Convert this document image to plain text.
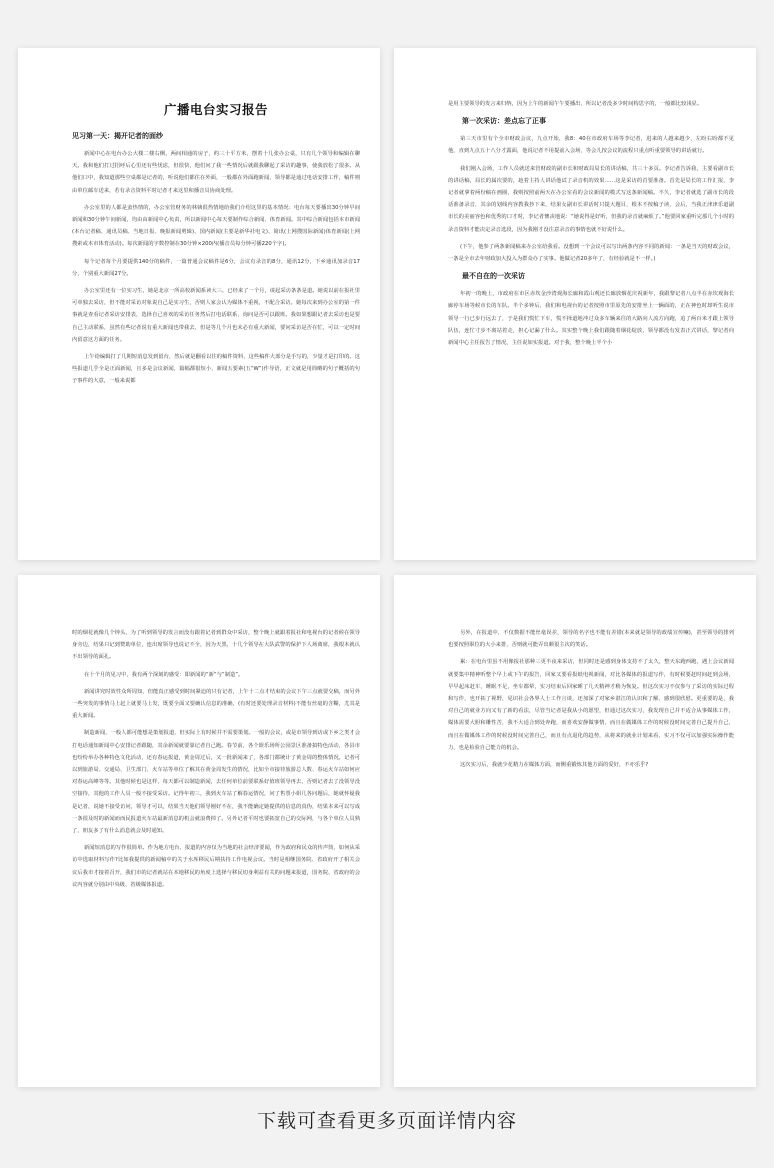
广播电台实习报告
见习第一天：揭开记者的面纱

新闻中心在电台办公大楼二楼右侧，两间相通的房子，约三十平方米，摆着十几张办公桌，只有几个领导和编辑在聊天。我和他们打过招呼后心里还有些忧虑，但很快，他们问了我一些情况后就跟我聊起了采访的趣事，使我放松了很多。从他们口中，我知道那些空桌都是记者的，听说他们都住在外面，一般都在外面跑新闻，领导都是通过电话安排工作，稿件则由单位邮车送来，若有录音资料平时记者才来这里和播音员协商处理。

办公室里的人都是蛮热情的，办公室管财务的林姨很热情地给我们介绍这里的基本情况：电台每天要播出30分钟早间新闻和30分钟午间新闻，均由由新闻中心负责，所以新闻中心每天要制作综合新闻、体育新闻。其中综合新闻包括本市新闻(本台记者稿、通讯员稿、当地日报、晚报新闻剪辑)、国内新闻(主要是新华社电文)、简讯(上网搜国际新闻)体育新闻(上网搜索或本市体育活动)。每次新闻的字数控制在30分钟×200内(播音员每分钟可播220个字)。

每个记者每个月要提供140分的稿件，一篇普通会议稿件是6分，会议有录音的8分，通讯12分，下乡通讯加录音17分，个别重大新闻27分。

办公室里还有一位实习生，她是北京一所高校新闻系读大三，已经来了一个月，谈起采访条条是道。她说以前在报社里可单独去采访，但不能对采访对象说自己是实习生，否则人家会认为媒体不重视，不配合采访。她每次来到办公室的第一件事就是查看记者采访安排表，选择自己喜欢的采访任务然后打电话联系，询问是否可以跟班。我如果想跟记者去采访也是要自己主动联系，虽然有些记者说有重大新闻也带我去，但是等几个月也未必有重大新闻，要问采访是否在忙，可以一定时间内留意这方面的任务。

上午给编辑打了几期短消息发到留台，然后就是翻看以往的稿件资料，这些稿件大部分是手写的，少量才是打印的。这些报道几乎全是正面新闻，且多是会议新闻，篇幅都很短小，新闻五要素(五“W”)作导语，正文就是用简略的句子概括的句子事件的大意，一般来说都

是用主要领导的发言来归纳，因为上午的新闻午午要播出，所以记者没多少时间构思字的，一般都比较浅显。

第一次采访：差点忘了正事

第三天市里有个全市财政会议，九点开始，我8：40在市政府车场等李记者，进来的人越来越少，左盼右盼都不见他，直到九点五十八分才露面，他说记者不用提前入会场，等会儿按会议的流程只重点听重要领导的讲话就行。

我们刚入会场，工作人员就送来管财政的副市长和财政局局长的讲话稿，共三十多页。李记者告诉我，主要看副市长的讲话稿，局长的属次要的，趁着主持人讲话他试了录音机的效果……这是采访的首要准备。首先是局长的工作汇报，李记者就拿着两份稿在画圈，我则按照前两天在办公室看的会议新闻的模式写这条新闻稿。不久，李记者就选了副市长的段话准备录音，其余的划线内容教我抄下来，结果女副市长讲话时只提大题目，根本不按稿子读，会后，当我正津津乐道副市长的美丽容色和优秀的口才时，李记者懊丧地说：“她说得是好听，但我的录音就麻烦了。”他要回家重听完那几个小时的录音资料才能决定录音选段，因为我刚才没注意录音的事情也就不好说什么。

(下午，他参了两条新闻稿来办公室给我看。没想到一个会议可以写出两条内容不同的新闻：一条是当天的财政会议，一条是全市去年财政加大投入为群众办了实事。他做记者20多年了，有经验就是不一样。)

最不自在的一次采访

年初一的晚上，市政府在市区赤坎金沙湾观海长廊和霞山观还长廊放烟花庆祝新年，我跟黎记者八点半在赤坎观海长廊停车场等候市长的车队。半个多钟后，我们和电视台的记者按照市里原先的安排坐上一辆面的，正在神色时却听生说市领导一行已步行远去了，于是我们慌忙下车，慌不择道地冲过众多车辆来往的大路向人流方向跑，追了两百米才跟上领导队伍，连忙寸步不离站着走，担心记漏了什么。其实整个晚上我们跟随着烟花绽放，领导都没有发表正式讲话，黎记者向新闻中心主任报告了情况，主任说如实报道。对于我，整个晚上半个小

时的烟花就像几个钟头，为了听到领导的发言而没有跟着记者到群众中采访，整个晚上就跟着报社和电视台的记者候在领导身旁边，结果只记到赞助单位，连出席领导也说记不全，因为天黑，十几个领导在大队武警的保护下人场离席，我根本就认不出领导的面孔。

在十个月的见习中，我有两个深刻的感受：即新闻的“新”与“制造”。

新闻讲究时效性众所周知，但能真正感受到时间紧迫的只有记者，上午十二点才结束的会议下午三点就要交稿，而另外一些突发的事情马上赶上就要马上发，既要全面又要确认信息的准确，(有时还要处理录音材料)不能有丝毫的含糊，尤其是重大新闻。

制造新闻，一般人都可能想是策划报道，但实际上有时候并不需要策划。一般的会议，或是市领导到访或下乡之类才会打电话通知新闻中心安排记者跟随，其余新闻就要靠记者自己跑。春节前，各个娱乐场所公园景区准备搞特色活动，各县市也纷纷举办各种特色文化活动，还有春运报道，黄金周过后，又一批新闻来了，各部门都统计了黄金周的整体情况，记者可以到旅游局、交通局、卫生部门、火车站等单位了解其在黄金周发生的情况，比如全市接待旅游总人数、春运火车站如何应对春运高峰等等。其他时候也是这样，每天都可以制造新闻，去任何单位前要联系好值班领导再去，否则记者去了没领导没空接待，其他的工作人员一般不接受采访。记得年初三，我到火车站了解春运情况，问了售票小姐几各问题后，她就怀疑我是记者，说她不接受访问，领导才可以，结果当天他们领导刚好不在，我不能确定她提供的信息的真伪，结果本来可以写成一条很及时的新闻而而民报道火车站最新消息的机会就浪费掉了。另外记者平时也要拓宽自己的交际网，与各个单位人员熟了，朋友多了有什么消息就会及时通知。

新闻短消息的写作很简单。作为地方电台，报道的内容仅为当地的社会经济要闻，作为政府和民众的传声筒，如何从采访中选取材料写作?比如我提供的新闻稿中的关于水库移民后期扶持工作电视会议。当时是相继国务院、省政府开了相关会议后我市才接着召开，我们市的记者就站在本地移民的角度上选择与移民切身利益有关的问题来报道，国务院、省政府的会议内容就分别由中央级、省级媒体报道。

另外，在报道中，不仅数据不能丝毫误差，领导的名字也不能有差错(本来就是领导的政绩宣传嘛)，甚至领导的排列也要按照职位的大小来排，否则就可能弄出颇很主次的笑话。

累：在电台里虽不用像报社那种三更半夜来采访，但同时还是感到身体支持不了太久，整天东跑西跑，遇上会议新闻就要集中精神听整个早上或下午的报告，回家又要看报纸电视新闻，对比各媒体的报道写作，有时候要赶时间赶到会场，早早起床赶车，睡眠不足，坐车都晕，实习结束后回家睡了几天精神才稍为恢复。但这次实习不仅参与了采访的实际过程和写作，也开拓了视野，见识社会各界人士工作言谈，还加深了对家乡湛江的认识和了解，感到很欣慰。更重要的是，我对自己的就业方向又有了新的看法，尽管当记者是我从小的愿望，但通过这次实习，我发现自己并不适合从事媒体工作，媒体需要大胆和雕性苦，我不大适合到处奔跑，而喜欢安静做事情，而且在做媒体工作的时候没时间完善自己提升自己，而且在做媒体工作的时候没时间完善自己，而且有点退化的趋势，从将来的就业计划来看，实习不仅可以加强实际操作能力，也是检验自己能力的机会。

这次实习后，我就少花精力在媒体方面，而侧重锻炼其他方面的爱好，不亦乐乎?

下载可查看更多页面详情内容
